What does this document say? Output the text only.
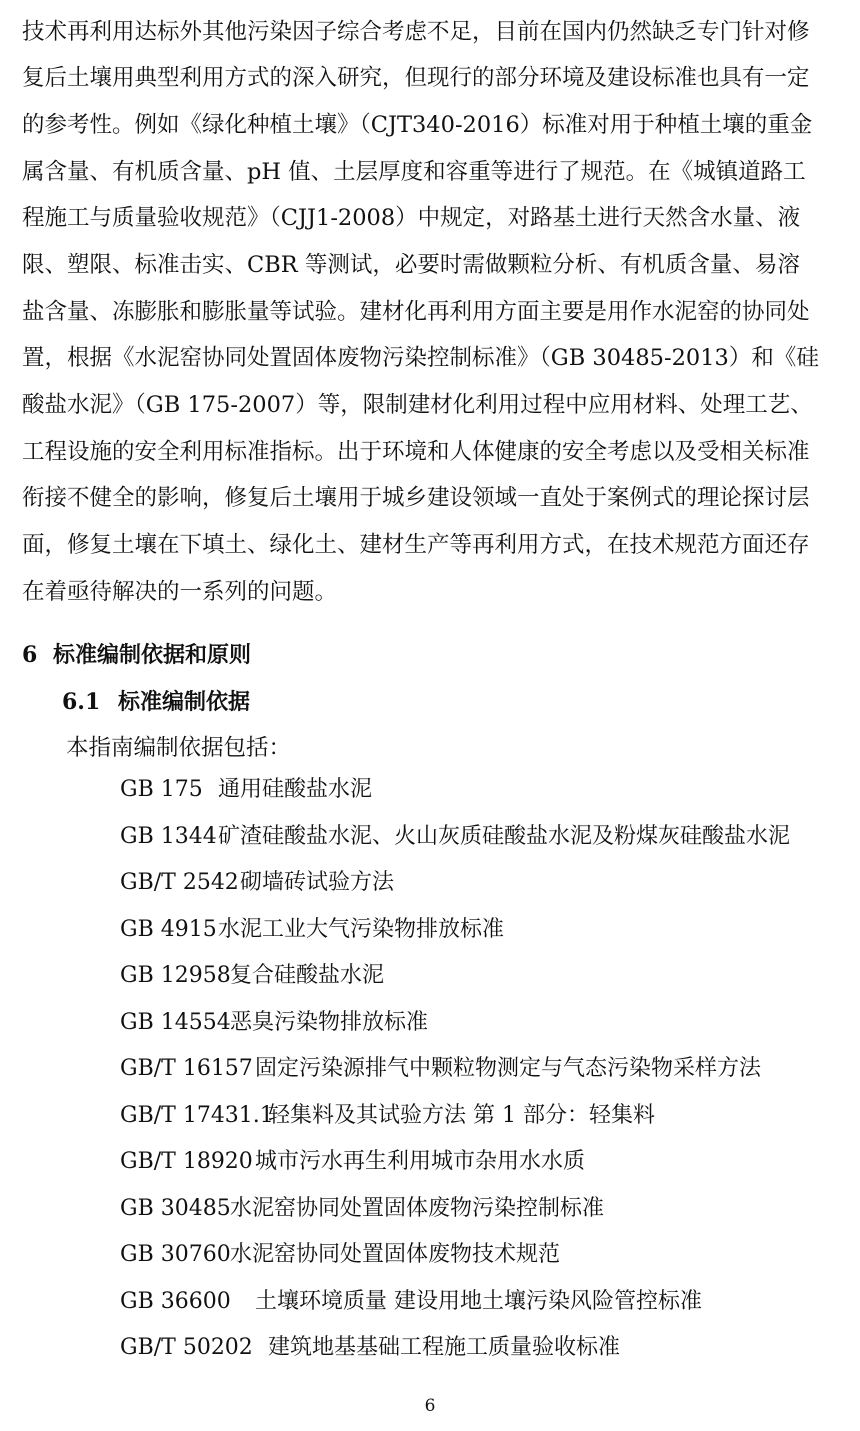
技术再利用达标外其他污染因子综合考虑不足，目前在国内仍然缺乏专门针对修
复后土壤用典型利用方式的深入研究，但现行的部分环境及建设标准也具有一定
的参考性。例如《绿化种植土壤》（CJT340-2016）标准对用于种植土壤的重金
属含量、有机质含量、pH 值、土层厚度和容重等进行了规范。在《城镇道路工
程施工与质量验收规范》（CJJ1-2008）中规定，对路基土进行天然含水量、液
限、塑限、标准击实、CBR 等测试，必要时需做颗粒分析、有机质含量、易溶
盐含量、冻膨胀和膨胀量等试验。建材化再利用方面主要是用作水泥窑的协同处
置，根据《水泥窑协同处置固体废物污染控制标准》（GB 30485-2013）和《硅
酸盐水泥》（GB 175-2007）等，限制建材化利用过程中应用材料、处理工艺、
工程设施的安全利用标准指标。出于环境和人体健康的安全考虑以及受相关标准
衔接不健全的影响，修复后土壤用于城乡建设领域一直处于案例式的理论探讨层
面，修复土壤在下填土、绿化土、建材生产等再利用方式，在技术规范方面还存
在着亟待解决的一系列的问题。
6 标准编制依据和原则
6.1 标准编制依据
本指南编制依据包括：
GB 175 通用硅酸盐水泥
GB 1344矿渣硅酸盐水泥、火山灰质硅酸盐水泥及粉煤灰硅酸盐水泥
GB/T 2542砌墙砖试验方法
GB 4915水泥工业大气污染物排放标准
GB 12958复合硅酸盐水泥
GB 14554恶臭污染物排放标准
GB/T 16157固定污染源排气中颗粒物测定与气态污染物采样方法
GB/T 17431.1轻集料及其试验方法 第 1 部分：轻集料
GB/T 18920城市污水再生利用城市杂用水水质
GB 30485水泥窑协同处置固体废物污染控制标准
GB 30760水泥窑协同处置固体废物技术规范
GB 36600 土壤环境质量 建设用地土壤污染风险管控标准
GB/T 50202 建筑地基基础工程施工质量验收标准
6
